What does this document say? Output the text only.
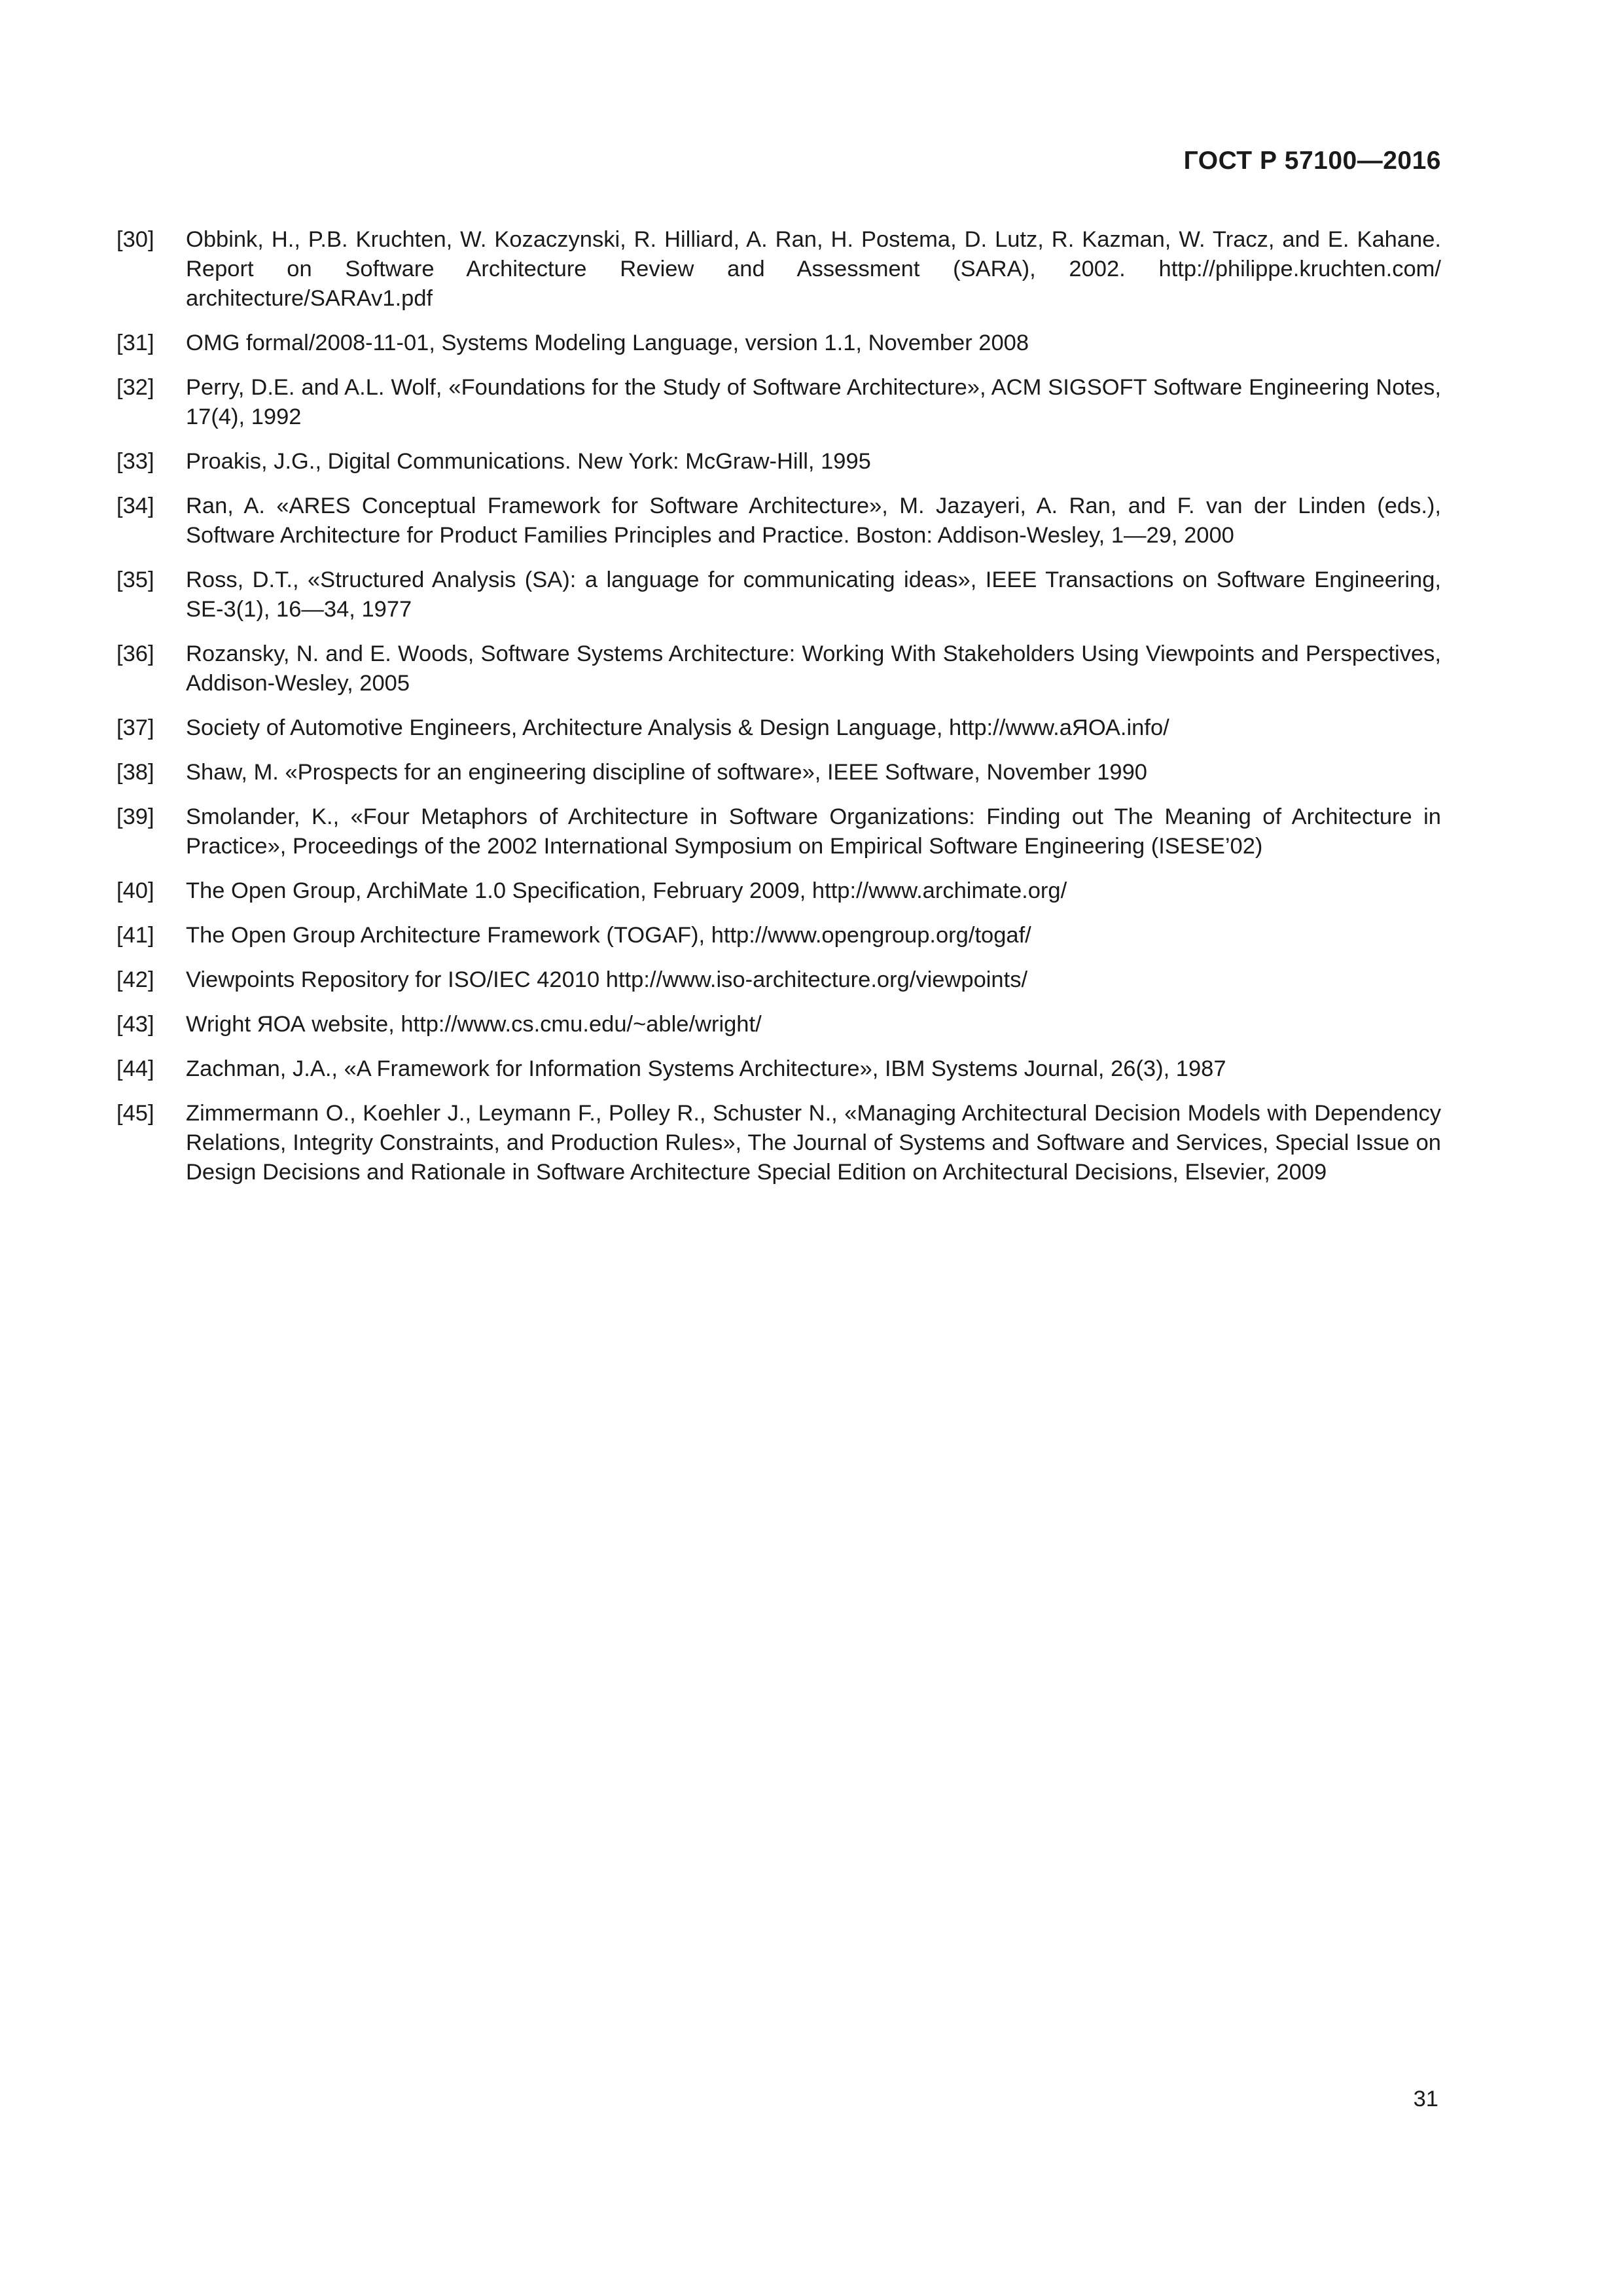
ГОСТ Р 57100—2016
[30]	Obbink, H., P.B. Kruchten, W. Kozaczynski, R. Hilliard, A. Ran, H. Postema, D. Lutz, R. Kazman, W. Tracz, and E. Kahane. Report on Software Architecture Review and Assessment (SARA), 2002. http://philippe.kruchten.com/ architecture/SARAv1.pdf
[31]	OMG formal/2008-11-01, Systems Modeling Language, version 1.1, November 2008
[32]	Perry, D.E. and A.L. Wolf, «Foundations for the Study of Software Architecture», ACM SIGSOFT Software Engineering Notes, 17(4), 1992
[33]	Proakis, J.G., Digital Communications. New York: McGraw-Hill, 1995
[34]	Ran, A. «ARES Conceptual Framework for Software Architecture», M. Jazayeri, A. Ran, and F. van der Linden (eds.), Software Architecture for Product Families Principles and Practice. Boston: Addison-Wesley, 1—29, 2000
[35]	Ross, D.T., «Structured Analysis (SA): a language for communicating ideas», IEEE Transactions on Software Engineering, SE-3(1), 16—34, 1977
[36]	Rozansky, N. and E. Woods, Software Systems Architecture: Working With Stakeholders Using Viewpoints and Perspectives, Addison-Wesley, 2005
[37]	Society of Automotive Engineers, Architecture Analysis & Design Language, http://www.aЯОА.info/
[38]	Shaw, M. «Prospects for an engineering discipline of software», IEEE Software, November 1990
[39]	Smolander, K., «Four Metaphors of Architecture in Software Organizations: Finding out The Meaning of Architecture in Practice», Proceedings of the 2002 International Symposium on Empirical Software Engineering (ISESE’02)
[40]	The Open Group, ArchiMate 1.0 Specification, February 2009, http://www.archimate.org/
[41]	The Open Group Architecture Framework (TOGAF), http://www.opengroup.org/togaf/
[42]	Viewpoints Repository for ISO/IEC 42010 http://www.iso-architecture.org/viewpoints/
[43]	Wright ЯОА website, http://www.cs.cmu.edu/~able/wright/
[44]	Zachman, J.A., «A Framework for Information Systems Architecture», IBM Systems Journal, 26(3), 1987
[45]	Zimmermann O., Koehler J., Leymann F., Polley R., Schuster N., «Managing Architectural Decision Models with Dependency Relations, Integrity Constraints, and Production Rules», The Journal of Systems and Software and Services, Special Issue on Design Decisions and Rationale in Software Architecture Special Edition on Architectural Decisions, Elsevier, 2009
31
